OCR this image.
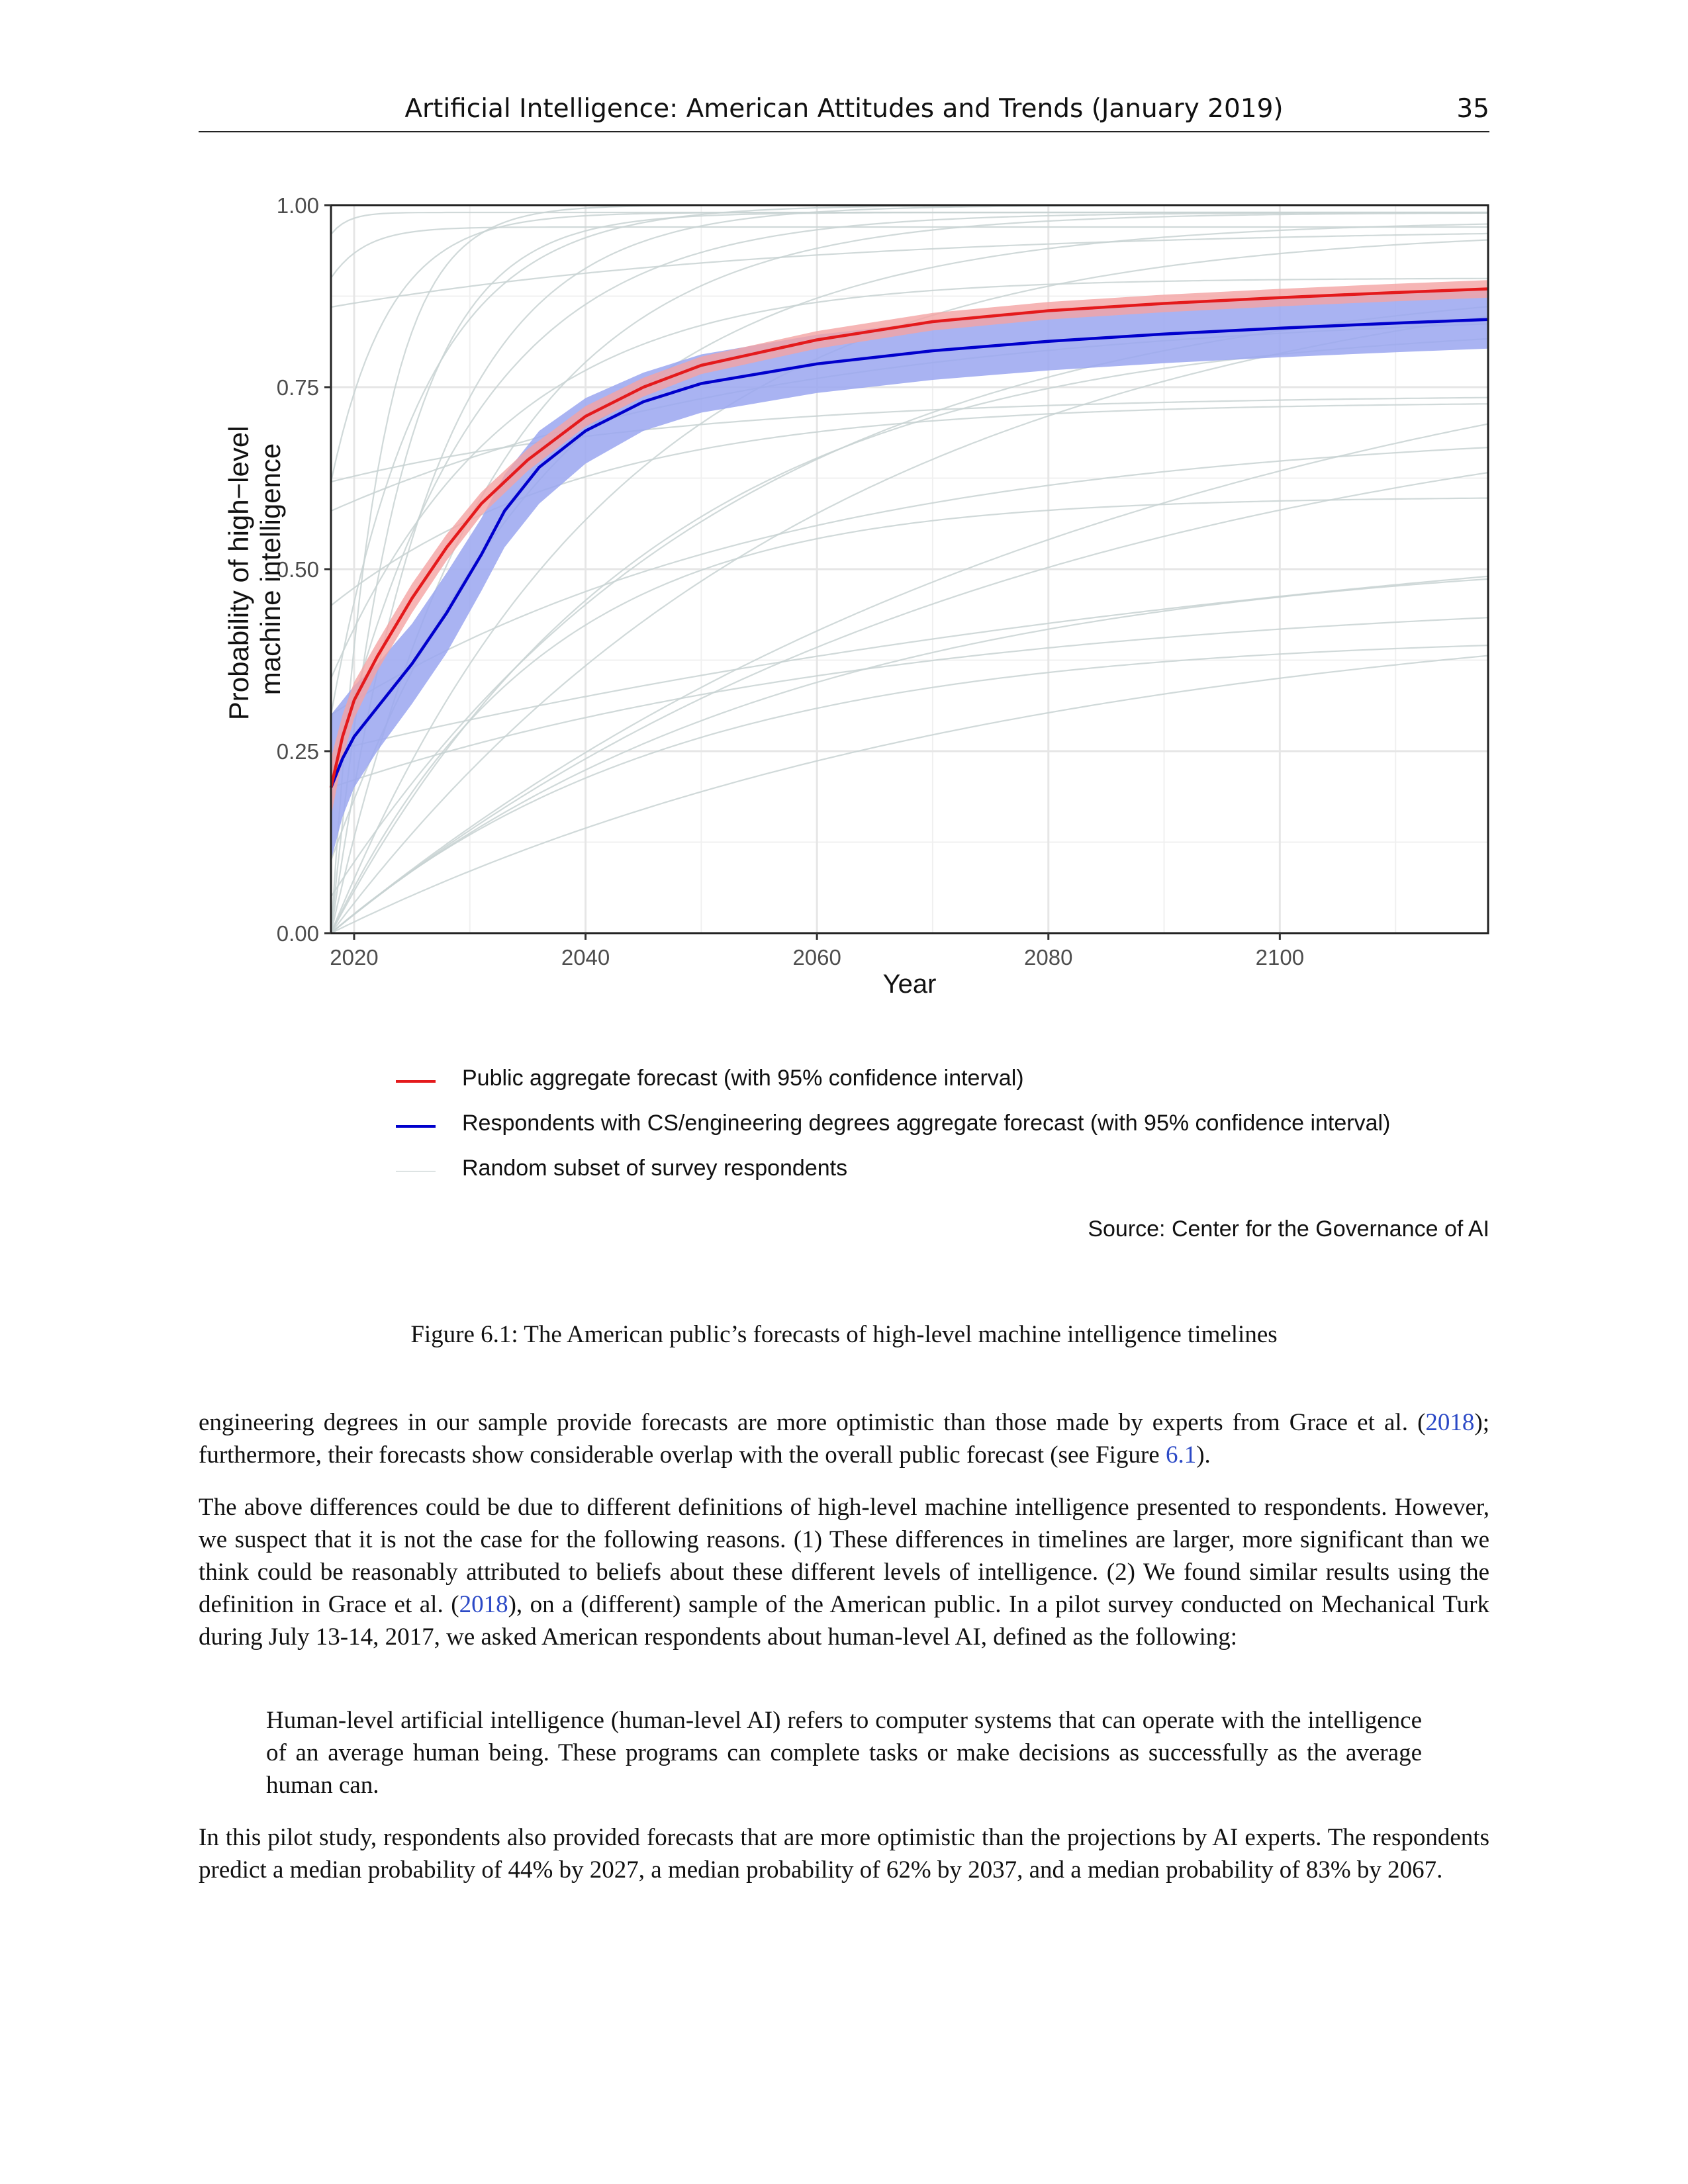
Artificial Intelligence: American Attitudes and Trends (January 2019)	35
2020	2040	2060	2080	2100
0.00
0.25
0.50
0.75
1.00
Year
Probability of high−level machine intelligence
Public aggregate forecast (with 95% confidence interval)
Respondents with CS/engineering degrees aggregate forecast (with 95% confidence interval)
Random subset of survey respondents
Source: Center for the Governance of AI
Figure 6.1: The American public’s forecasts of high-level machine intelligence timelines
engineering degrees in our sample provide forecasts are more optimistic than those made by experts from Grace et al. (2018); furthermore, their forecasts show considerable overlap with the overall public forecast (see Figure 6.1).
The above differences could be due to different definitions of high-level machine intelligence presented to respondents. However, we suspect that it is not the case for the following reasons. (1) These differences in timelines are larger, more significant than we think could be reasonably attributed to beliefs about these different levels of intelligence. (2) We found similar results using the definition in Grace et al. (2018), on a (different) sample of the American public. In a pilot survey conducted on Mechanical Turk during July 13-14, 2017, we asked American respondents about human-level AI, defined as the following:
Human-level artificial intelligence (human-level AI) refers to computer systems that can operate with the intelligence of an average human being. These programs can complete tasks or make decisions as successfully as the average human can.
In this pilot study, respondents also provided forecasts that are more optimistic than the projections by AI experts. The respondents predict a median probability of 44% by 2027, a median probability of 62% by 2037, and a median probability of 83% by 2067.
